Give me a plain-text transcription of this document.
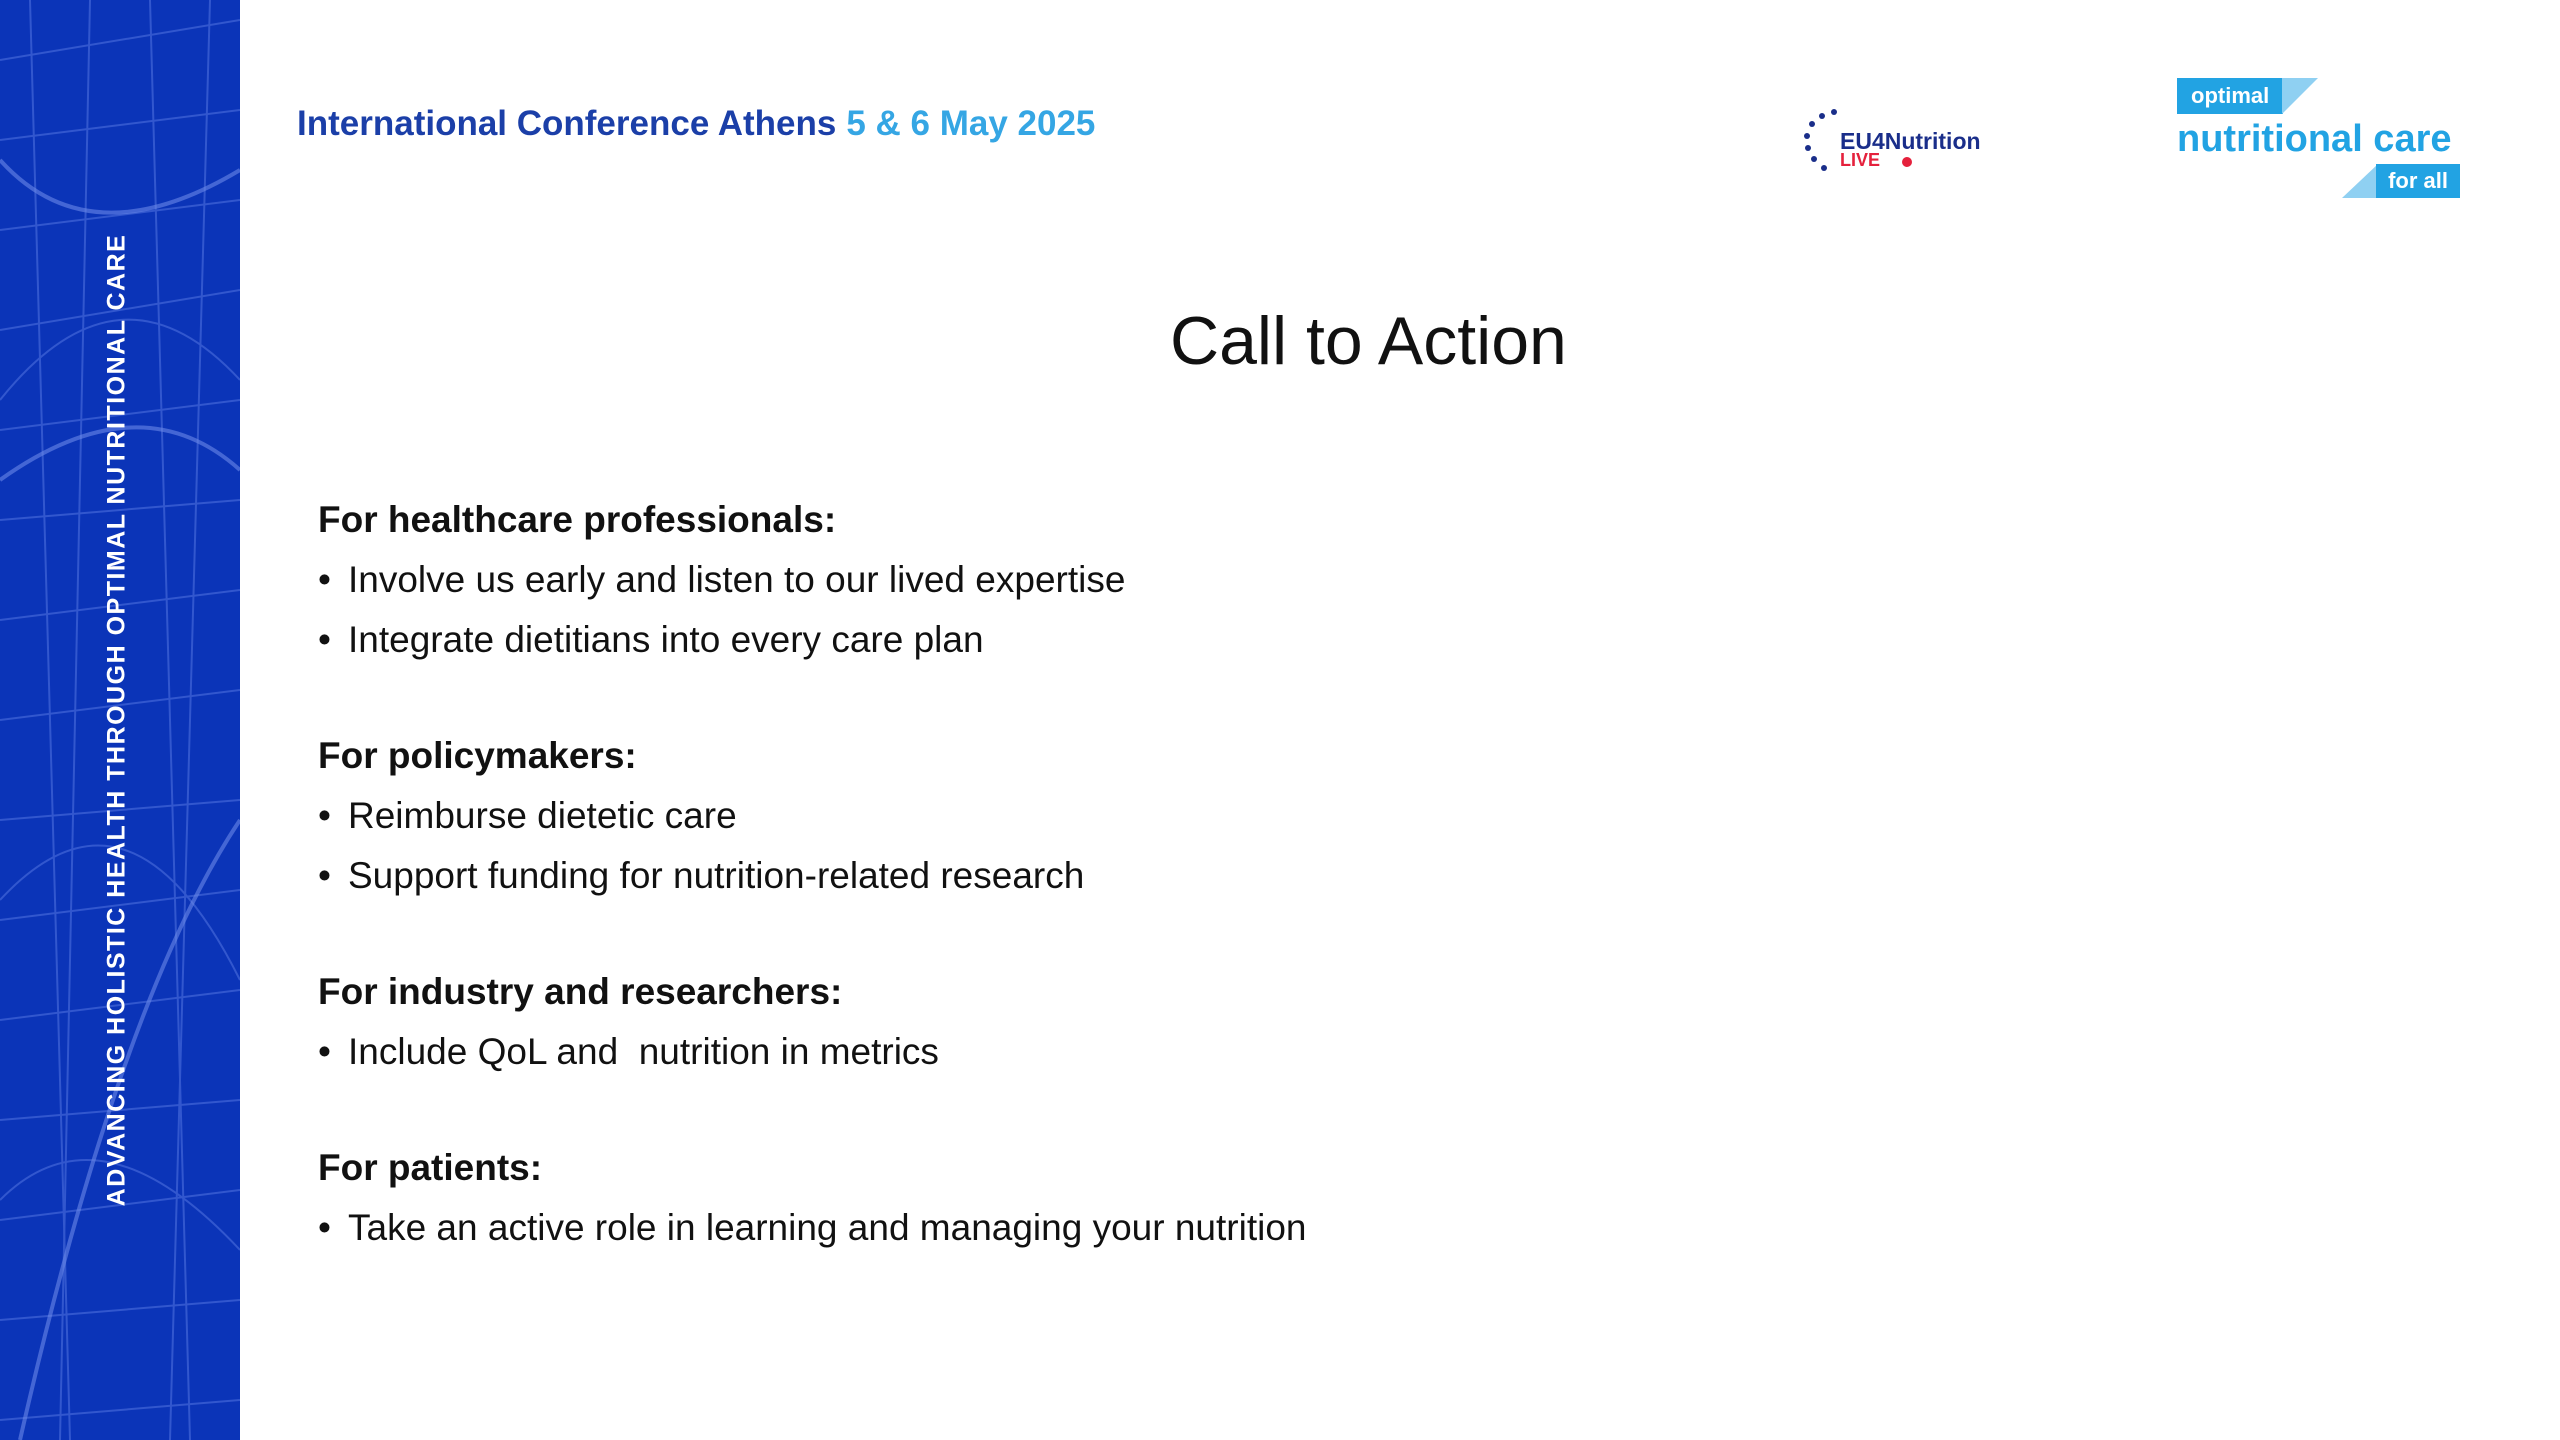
ADVANCING HOLISTIC HEALTH THROUGH OPTIMAL NUTRITIONAL CARE
International Conference Athens 5 & 6 May 2025	EU4Nutrition
LIVE
optimal
nutritional care
for all
Call to Action
For healthcare professionals:
• Involve us early and listen to our lived expertise
• Integrate dietitians into every care plan
For policymakers:
• Reimburse dietetic care
• Support funding for nutrition-related research
For industry and researchers:
• Include QoL and  nutrition in metrics
For patients:
• Take an active role in learning and managing your nutrition
